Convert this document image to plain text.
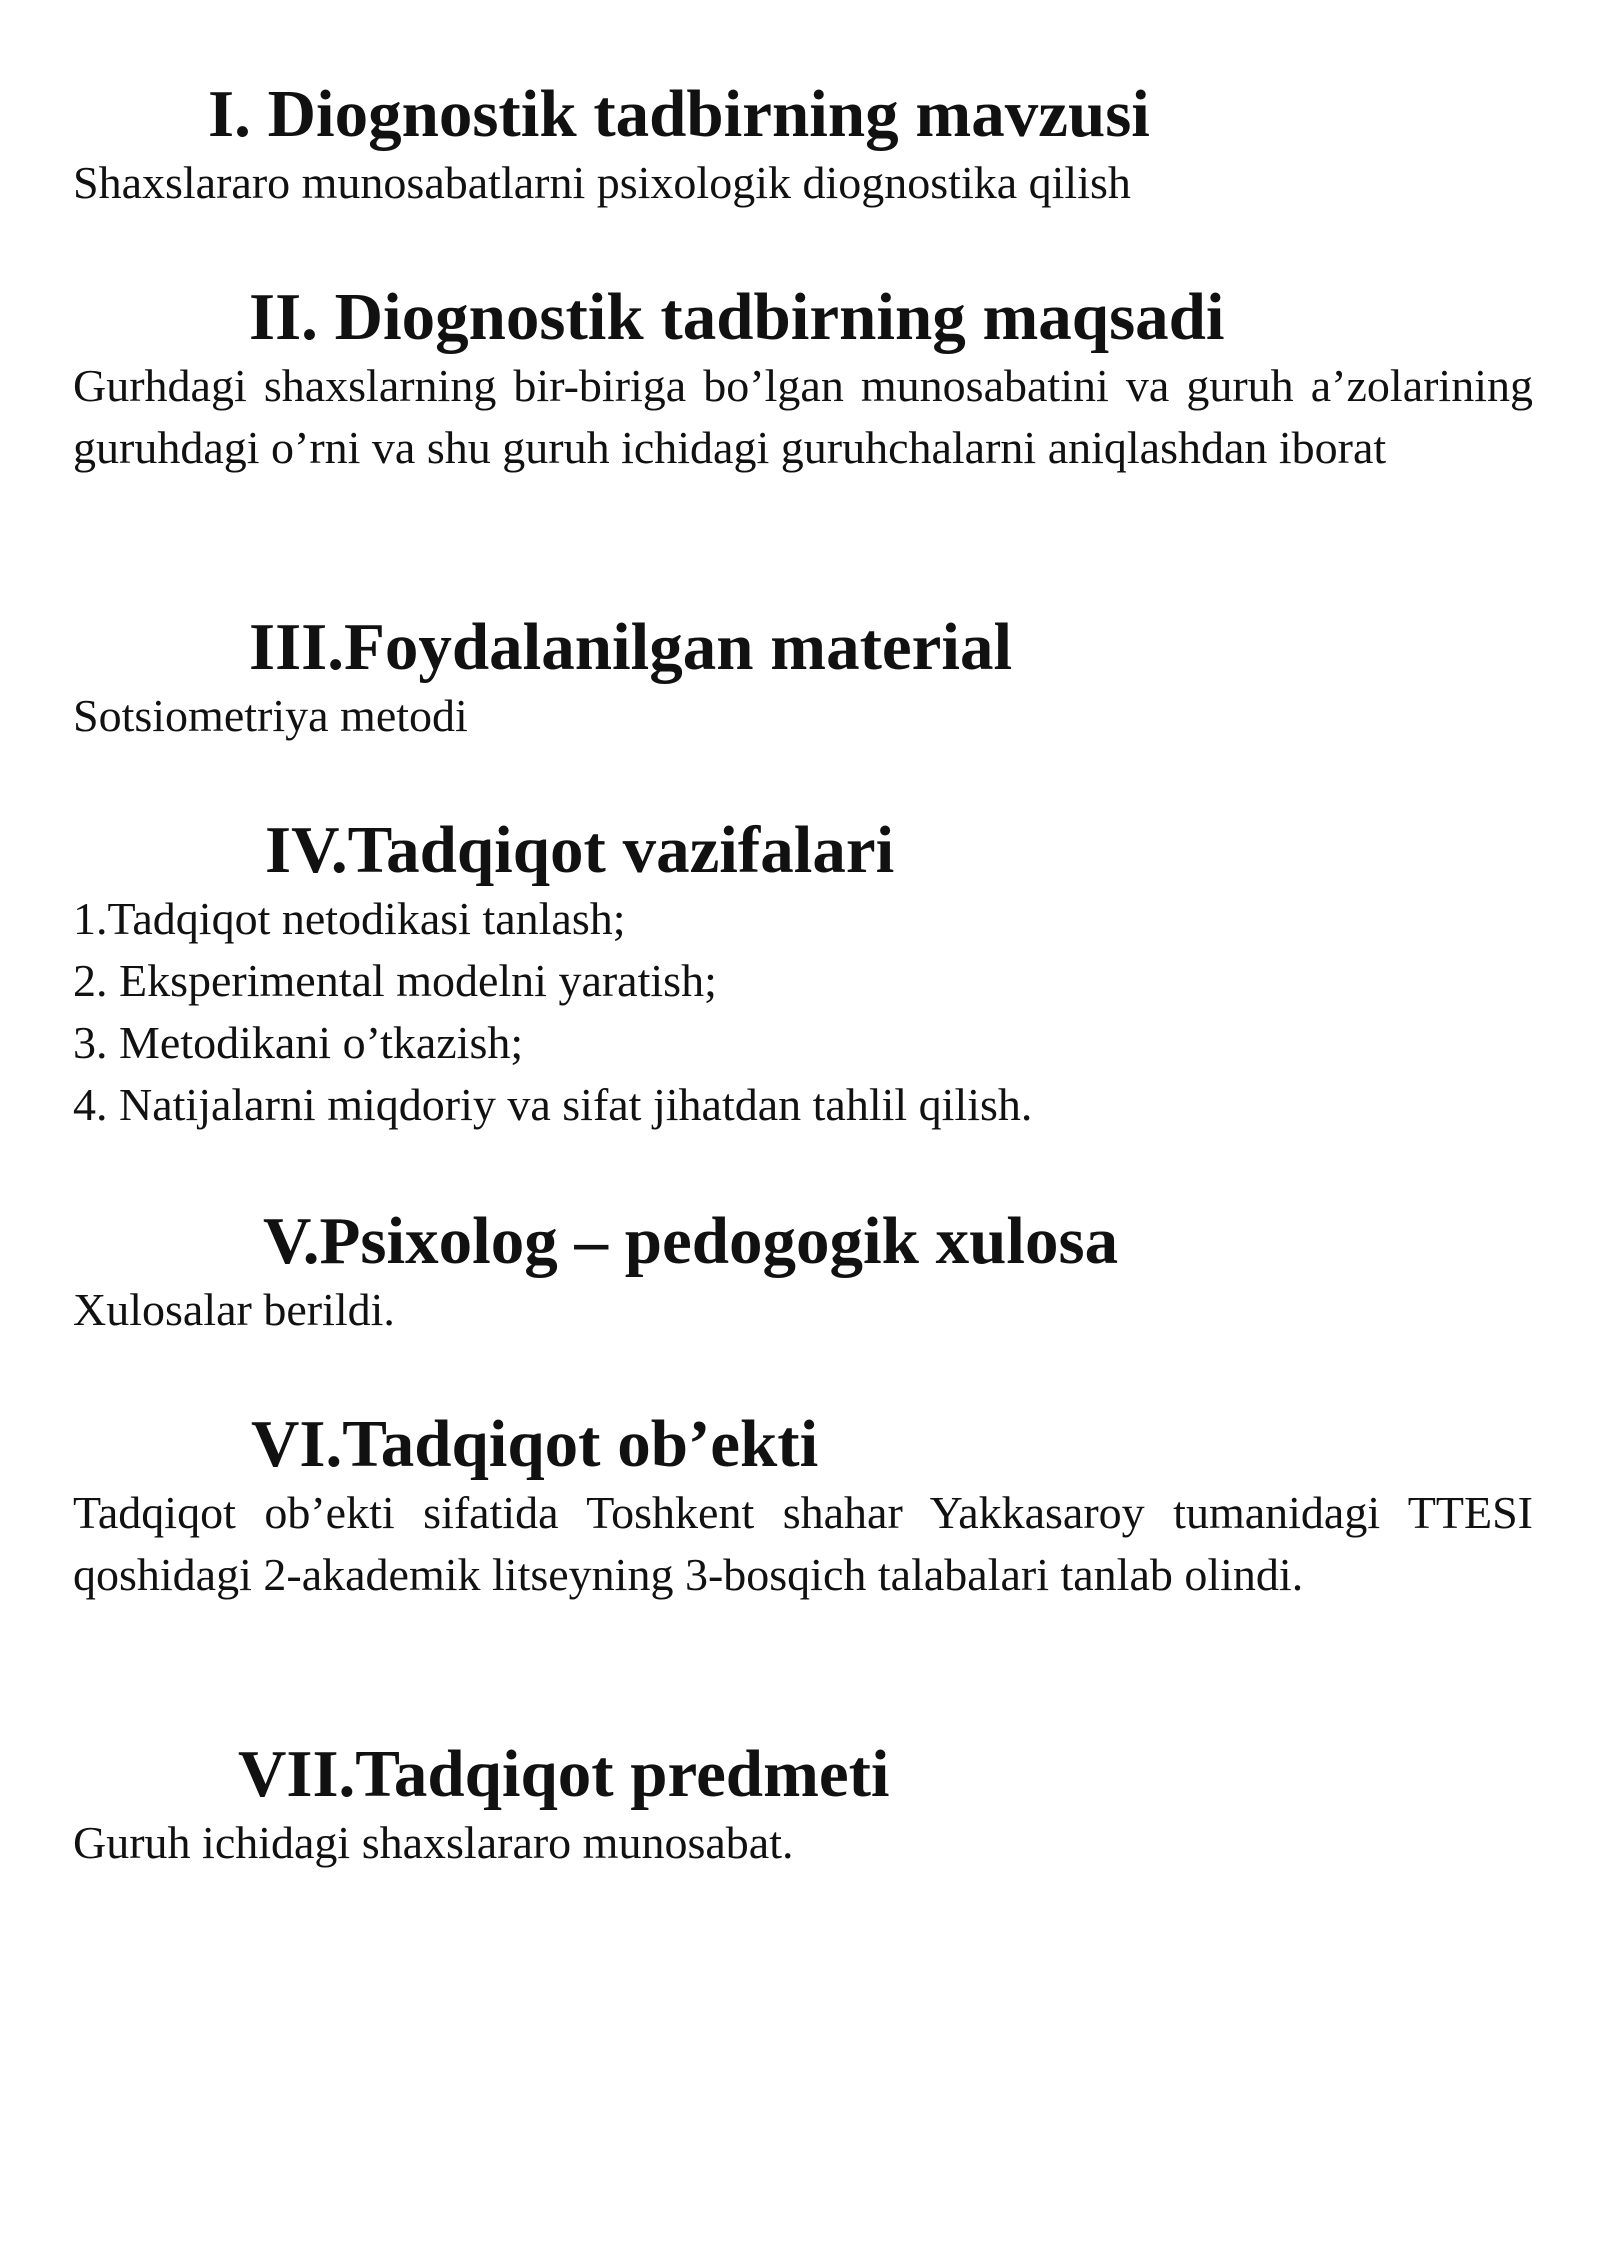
I. Diognostik tadbirning mavzusi

Shaxslararo munosabatlarni psixologik diognostika qilish

II. Diognostik tadbirning maqsadi

Gurhdagi shaxslarning bir-biriga bo’lgan munosabatini va guruh a’zolarining guruhdagi o’rni va shu guruh ichidagi guruhchalarni aniqlashdan iborat

III.Foydalanilgan material

Sotsiometriya metodi

IV.Tadqiqot vazifalari

1.Tadqiqot netodikasi tanlash;

2. Eksperimental modelni yaratish;

3. Metodikani o’tkazish;

4. Natijalarni miqdoriy va sifat jihatdan tahlil qilish.

V.Psixolog – pedogogik xulosa

Xulosalar berildi.

VI.Tadqiqot ob’ekti

Tadqiqot ob’ekti sifatida Toshkent shahar Yakkasaroy tumanidagi TTESI qoshidagi 2-akademik litseyning 3-bosqich talabalari tanlab olindi.

VII.Tadqiqot predmeti

Guruh ichidagi shaxslararo munosabat.
